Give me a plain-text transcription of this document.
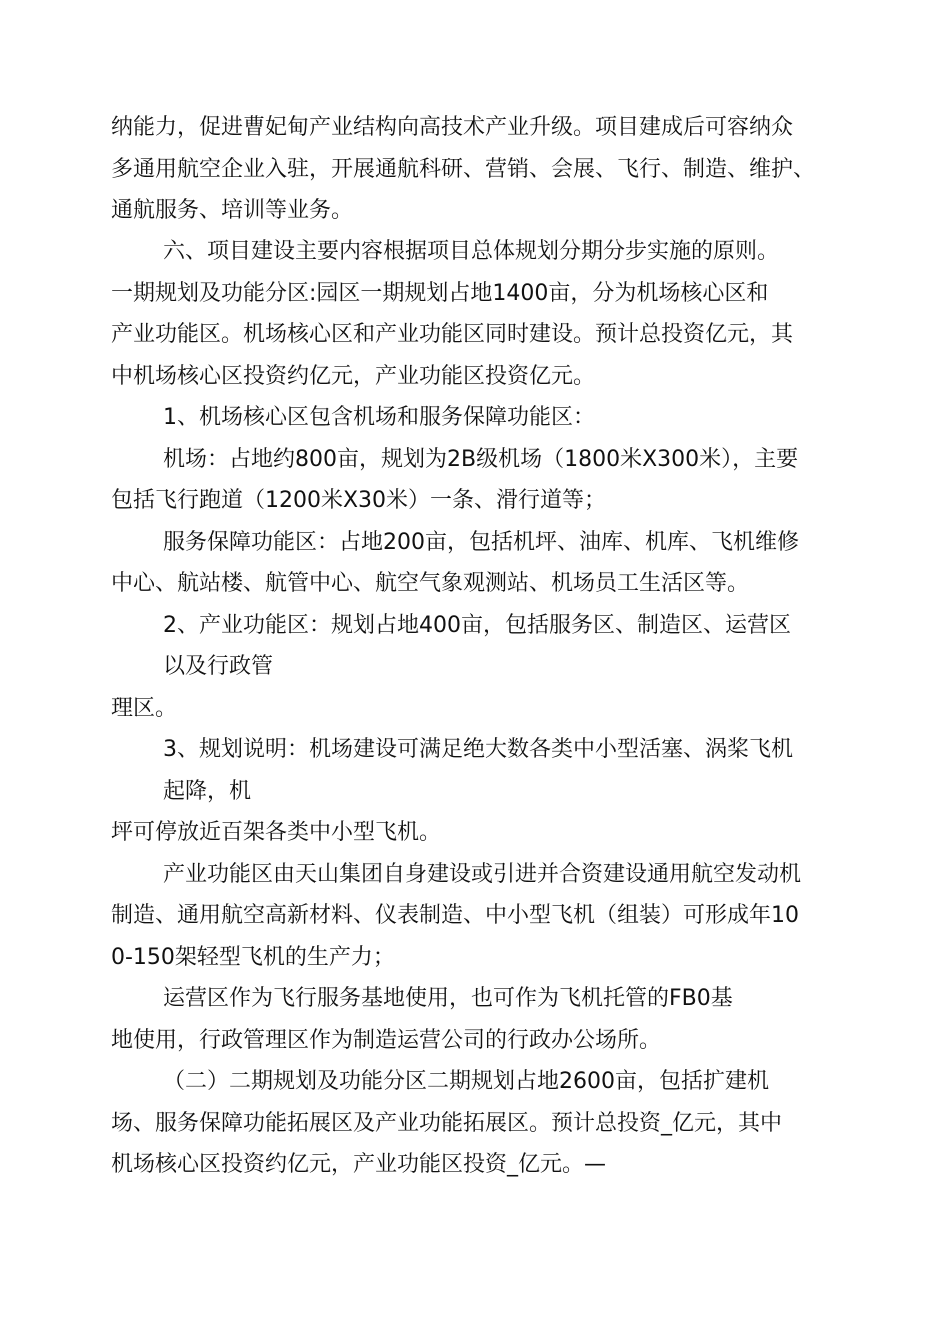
纳能力，促进曹妃甸产业结构向高技术产业升级。项目建成后可容纳众
多通用航空企业入驻，开展通航科研、营销、会展、飞行、制造、维护、
通航服务、培训等业务。
六、项目建设主要内容根据项目总体规划分期分步实施的原则。
一期规划及功能分区:园区一期规划占地1400亩，分为机场核心区和
产业功能区。机场核心区和产业功能区同时建设。预计总投资亿元，其
中机场核心区投资约亿元，产业功能区投资亿元。
1、机场核心区包含机场和服务保障功能区：
机场：占地约800亩，规划为2B级机场（1800米X300米），主要
包括飞行跑道（1200米X30米）一条、滑行道等；
服务保障功能区：占地200亩，包括机坪、油库、机库、飞机维修
中心、航站楼、航管中心、航空气象观测站、机场员工生活区等。
2、产业功能区：规划占地400亩，包括服务区、制造区、运营区
以及行政管
理区。
3、规划说明：机场建设可满足绝大数各类中小型活塞、涡桨飞机
起降，机
坪可停放近百架各类中小型飞机。
产业功能区由天山集团自身建设或引进并合资建设通用航空发动机
制造、通用航空高新材料、仪表制造、中小型飞机（组装）可形成年10
0-150架轻型飞机的生产力；
运营区作为飞行服务基地使用，也可作为飞机托管的FB0基
地使用，行政管理区作为制造运营公司的行政办公场所。
（二）二期规划及功能分区二期规划占地2600亩，包括扩建机
场、服务保障功能拓展区及产业功能拓展区。预计总投资_亿元，其中
机场核心区投资约亿元，产业功能区投资_亿元。—
